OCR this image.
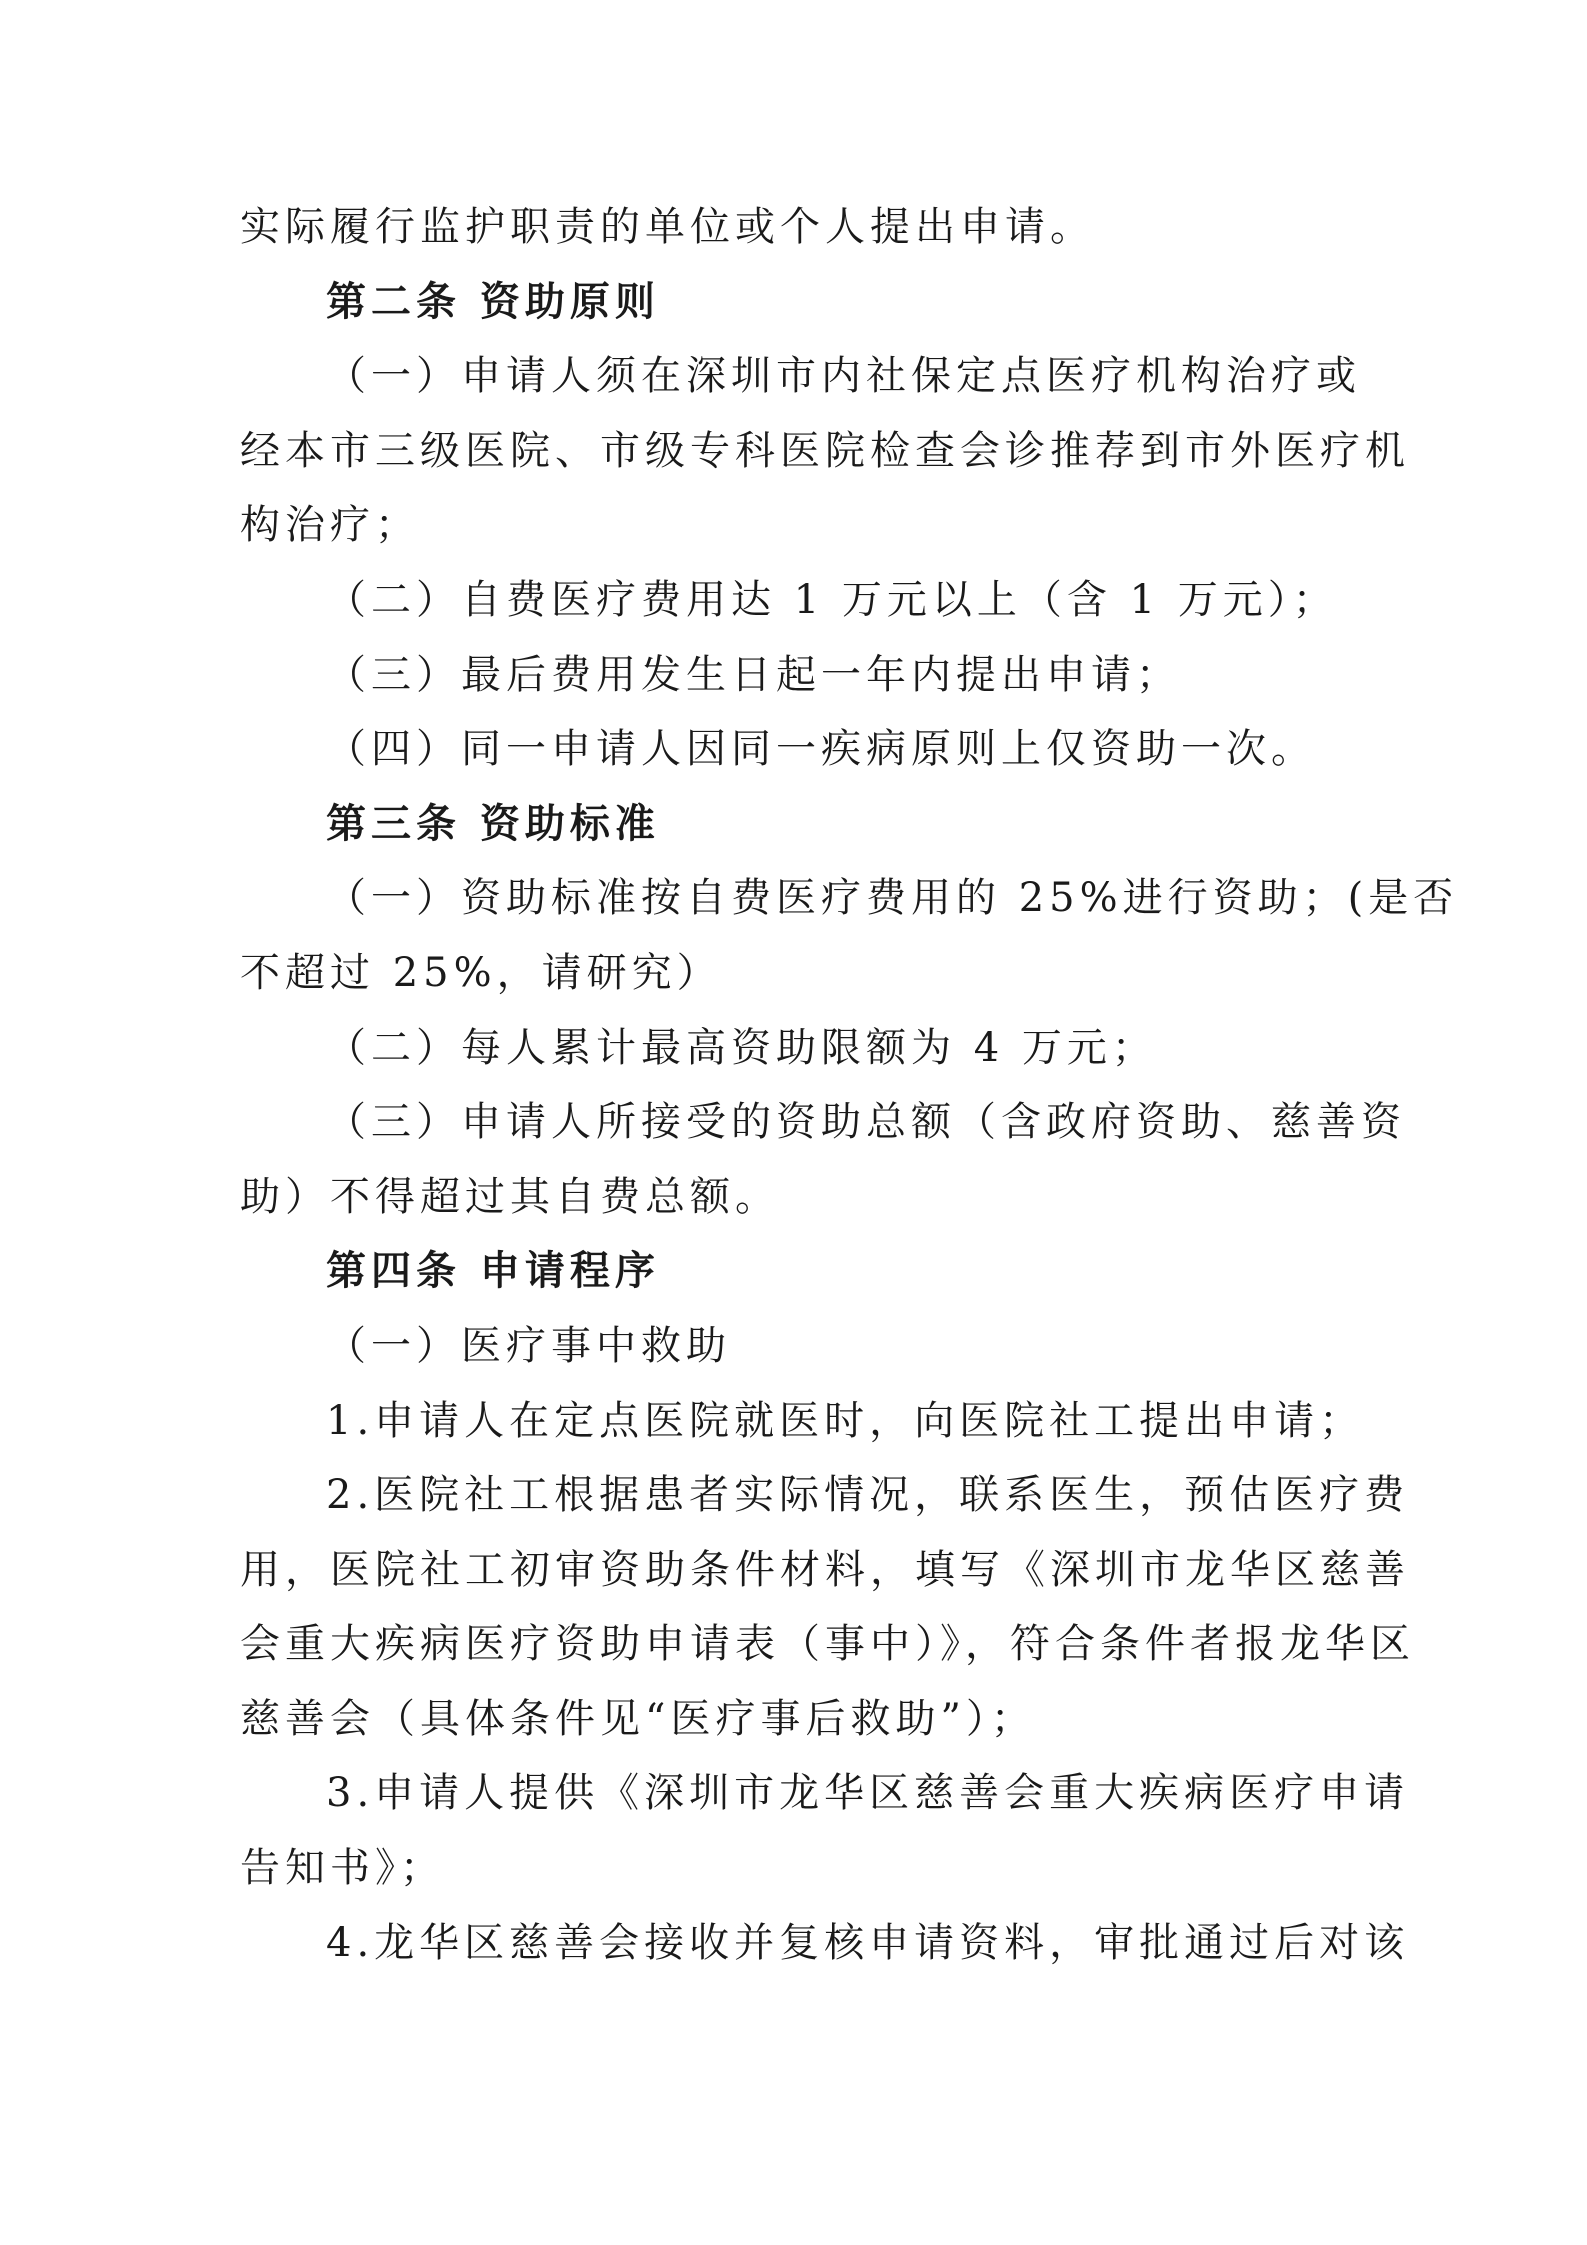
实际履行监护职责的单位或个人提出申请。
第二条 资助原则
（一）申请人须在深圳市内社保定点医疗机构治疗或
经本市三级医院、市级专科医院检查会诊推荐到市外医疗机
构治疗；
（二）自费医疗费用达 1 万元以上（含 1 万元）；
（三）最后费用发生日起一年内提出申请；
（四）同一申请人因同一疾病原则上仅资助一次。
第三条 资助标准
（一）资助标准按自费医疗费用的 25%进行资助；(是否
不超过 25%，请研究）
（二）每人累计最高资助限额为 4 万元；
（三）申请人所接受的资助总额（含政府资助、慈善资
助）不得超过其自费总额。
第四条 申请程序
（一）医疗事中救助
1.申请人在定点医院就医时，向医院社工提出申请；
2.医院社工根据患者实际情况，联系医生，预估医疗费
用，医院社工初审资助条件材料，填写《深圳市龙华区慈善
会重大疾病医疗资助申请表（事中）》，符合条件者报龙华区
慈善会（具体条件见“医疗事后救助”）；
3.申请人提供《深圳市龙华区慈善会重大疾病医疗申请
告知书》；
4.龙华区慈善会接收并复核申请资料，审批通过后对该
